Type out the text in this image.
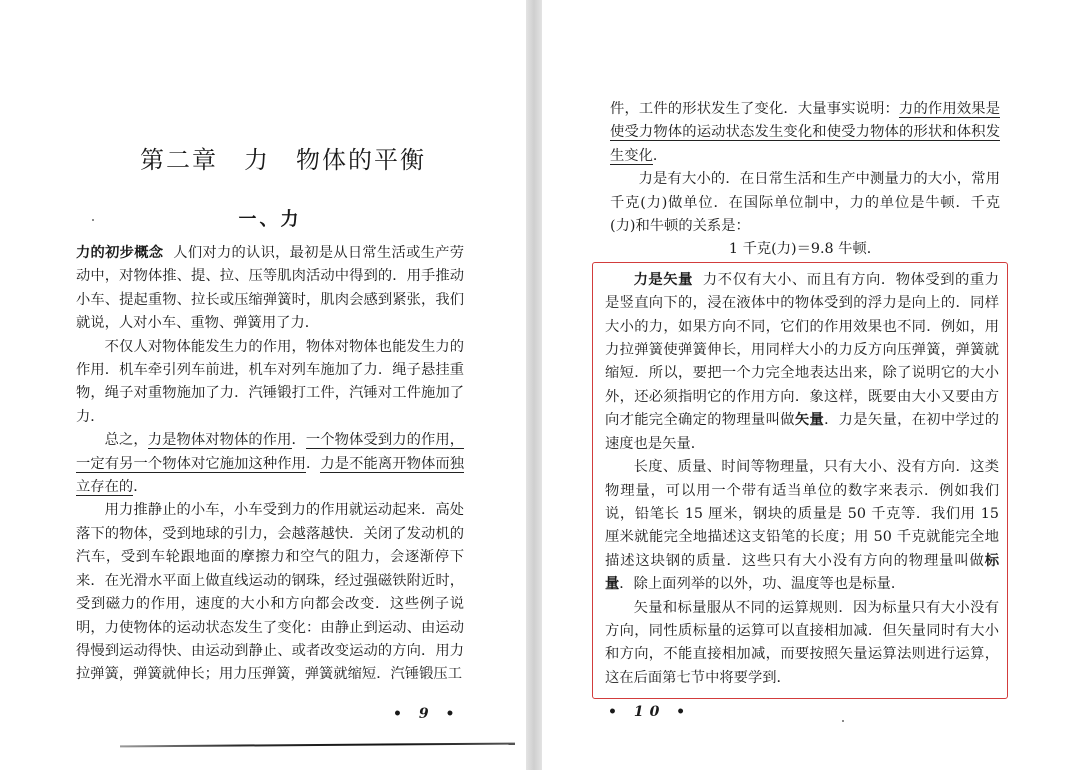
第二章　力　物体的平衡
一、力

力的初步概念 人们对力的认识，最初是从日常生活或生产劳动中，对物体推、提、拉、压等肌肉活动中得到的．用手推动小车、提起重物、拉长或压缩弹簧时，肌肉会感到紧张，我们就说，人对小车、重物、弹簧用了力．

不仅人对物体能发生力的作用，物体对物体也能发生力的作用．机车牵引列车前进，机车对列车施加了力．绳子悬挂重物，绳子对重物施加了力．汽锤锻打工件，汽锤对工件施加了力．

总之，力是物体对物体的作用．一个物体受到力的作用，一定有另一个物体对它施加这种作用．力是不能离开物体而独立存在的．

用力推静止的小车，小车受到力的作用就运动起来．高处落下的物体，受到地球的引力，会越落越快．关闭了发动机的汽车，受到车轮跟地面的摩擦力和空气的阻力，会逐渐停下来．在光滑水平面上做直线运动的钢珠，经过强磁铁附近时，受到磁力的作用，速度的大小和方向都会改变．这些例子说明，力使物体的运动状态发生了变化：由静止到运动、由运动得慢到运动得快、由运动到静止、或者改变运动的方向．用力拉弹簧，弹簧就伸长；用力压弹簧，弹簧就缩短．汽锤锻压工

• 9 •

件，工件的形状发生了变化．大量事实说明：力的作用效果是使受力物体的运动状态发生变化和使受力物体的形状和体积发生变化．

力是有大小的．在日常生活和生产中测量力的大小，常用千克(力)做单位．在国际单位制中，力的单位是牛顿．千克(力)和牛顿的关系是：

1 千克(力)＝9.8 牛顿．

力是矢量 力不仅有大小、而且有方向．物体受到的重力是竖直向下的，浸在液体中的物体受到的浮力是向上的．同样大小的力，如果方向不同，它们的作用效果也不同．例如，用力拉弹簧使弹簧伸长，用同样大小的力反方向压弹簧，弹簧就缩短．所以，要把一个力完全地表达出来，除了说明它的大小外，还必须指明它的作用方向．象这样，既要由大小又要由方向才能完全确定的物理量叫做矢量．力是矢量，在初中学过的速度也是矢量．

长度、质量、时间等物理量，只有大小、没有方向．这类物理量，可以用一个带有适当单位的数字来表示．例如我们说，铅笔长 15 厘米，钢块的质量是 50 千克等．我们用 15 厘米就能完全地描述这支铅笔的长度；用 50 千克就能完全地描述这块钢的质量．这些只有大小没有方向的物理量叫做标量．除上面列举的以外，功、温度等也是标量．

矢量和标量服从不同的运算规则．因为标量只有大小没有方向，同性质标量的运算可以直接相加减．但矢量同时有大小和方向，不能直接相加减，而要按照矢量运算法则进行运算，这在后面第七节中将要学到．

• 10 •
